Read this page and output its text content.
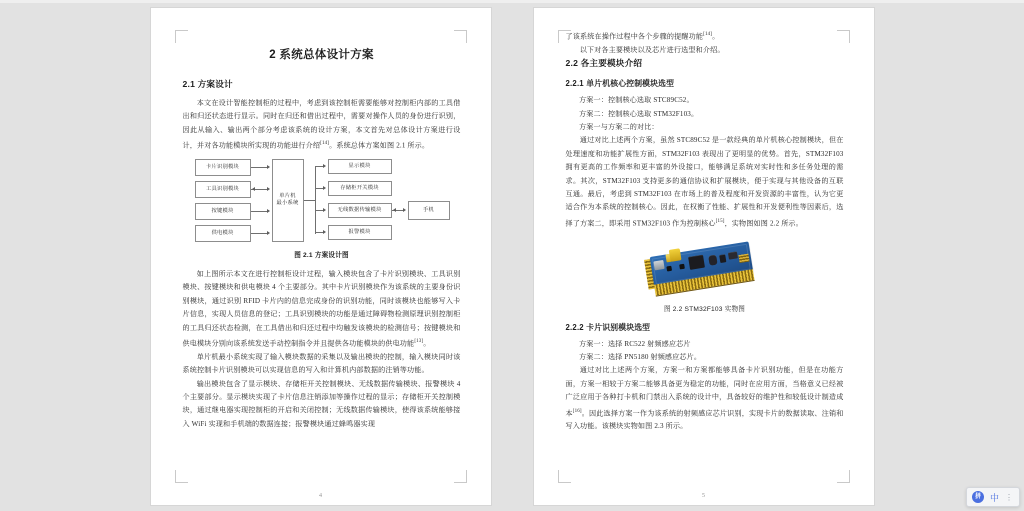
2 系统总体设计方案
2.1 方案设计

本文在设计智能控制柜的过程中，考虑到该控制柜需要能够对控制柜内部的工具借出和归还状态进行显示。同时在归还和借出过程中，需要对操作人员的身份进行识别，因此从输入、输出两个部分考虑该系统的设计方案，本文首先对总体设计方案进行设计，并对各功能模块所实现的功能进行介绍[14]。系统总体方案如图 2.1 所示。

卡片识别模块
工具识别模块
按键模块
供电模块
单片机
最小系统
显示模块
存储柜开关模块
无线数据传输模块
报警模块
手机
图 2.1 方案设计图

如上图所示本文在进行控制柜设计过程，输入模块包含了卡片识别模块、工具识别模块、按键模块和供电模块 4 个主要部分。其中卡片识别模块作为该系统的主要身份识别模块，通过识别 RFID 卡片内的信息完成身份的识别功能，同时该模块也能够写入卡片信息，实现人员信息的登记；工具识别模块的功能是通过障碍物检测原理识别控制柜的工具归还状态检测，在工具借出和归还过程中均触发该模块的检测信号；按键模块和供电模块分别向该系统发送手动控制指令并且提供各功能模块的供电功能[13]。

单片机最小系统实现了输入模块数据的采集以及输出模块的控制，输入模块同时该系统控制卡片识别模块可以实现信息的写入和计算机内部数据的注销等功能。

输出模块包含了显示模块、存储柜开关控制模块、无线数据传输模块、报警模块 4 个主要部分。显示模块实现了卡片信息注销添加等操作过程的显示；存储柜开关控制模块，通过继电器实现控制柜的开启和关闭控制；无线数据传输模块，使得该系统能够接入 WiFi 实现和手机端的数据连接；报警模块通过蜂鸣器实现

4

了该系统在操作过程中各个步骤的提醒功能[14]。

以下对各主要模块以及芯片进行选型和介绍。

2.2 各主要模块介绍
2.2.1 单片机核心控制模块选型

方案一：控制核心选取 STC89C52。

方案二：控制核心选取 STM32F103。

方案一与方案二的对比：

通过对比上述两个方案，虽然 STC89C52 是一款经典的单片机核心控制模块，但在处理速度和功能扩展性方面，STM32F103 表现出了更明显的优势。首先，STM32F103 拥有更高的工作频率和更丰富的外设接口，能够满足系统对实时性和多任务处理的需求。其次，STM32F103 支持更多的通信协议和扩展模块，便于实现与其他设备的互联互通。最后，考虑到 STM32F103 在市场上的普及程度和开发资源的丰富性，认为它更适合作为本系统的控制核心。因此，在权衡了性能、扩展性和开发便利性等因素后，选择了方案二，即采用 STM32F103 作为控制核心[15]，实物图如图 2.2 所示。

图 2.2 STM32F103 实物图
2.2.2 卡片识别模块选型

方案一：选择 RC522 射频感应芯片

方案二：选择 PN5180 射频感应芯片。

通过对比上述两个方案，方案一和方案都能够具备卡片识别功能，但是在功能方面，方案一相较于方案二能够具备更为稳定的功能，同时在应用方面，当格意义已经被广泛应用于各种打卡机和门禁出入系统的设计中，具备较好的维护性和较低设计制造成本[16]。因此选择方案一作为该系统的射频感应芯片识别，实现卡片的数据读取、注销和写入功能。该模块实物如图 2.3 所示。

5	拼	中 ⋮
